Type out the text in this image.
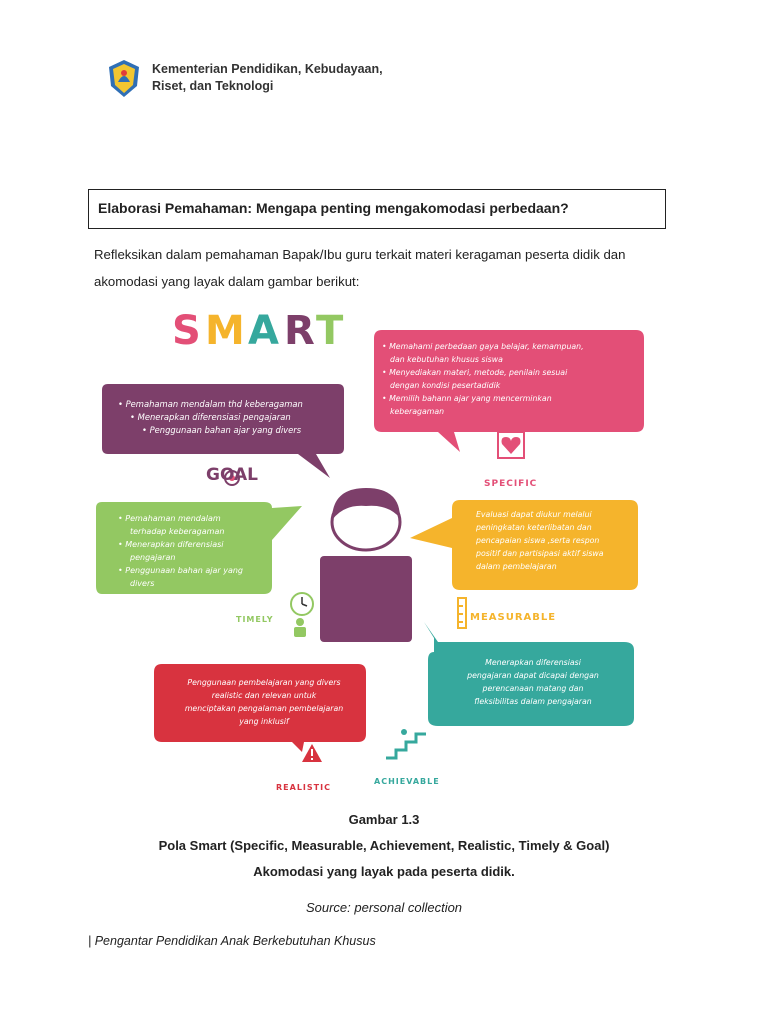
Kementerian Pendidikan, Kebudayaan,
Riset, dan Teknologi
Elaborasi Pemahaman: Mengapa penting mengakomodasi perbedaan?
Refleksikan dalam pemahaman Bapak/Ibu guru terkait materi keragaman peserta didik dan
akomodasi yang layak dalam gambar berikut:
S M A R T
GOAL	SPECIFIC
TIMELY	MEASURABLE
REALISTIC
ACHIEVABLE
• Pemahaman mendalam thd keberagaman
• Menerapkan diferensiasi pengajaran
• Penggunaan bahan ajar yang divers
• Memahami perbedaan gaya belajar, kemampuan,
dan kebutuhan khusus siswa
• Menyediakan materi, metode, penilain sesuai
dengan kondisi pesertadidik
• Memilih bahann ajar yang mencerminkan
keberagaman
• Pemahaman mendalam
terhadap keberagaman
• Menerapkan diferensiasi
pengajaran
• Penggunaan bahan ajar yang
divers
Evaluasi dapat diukur melalui
peningkatan keterlibatan dan
pencapaian siswa ,serta respon
positif dan partisipasi aktif siswa
dalam pembelajaran
Penggunaan pembelajaran yang divers
realistic dan relevan untuk
menciptakan pengalaman pembelajaran
yang inklusif
Menerapkan diferensiasi
pengajaran dapat dicapai dengan
perencanaan matang dan
fleksibilitas dalam pengajaran
Gambar 1.3
Pola Smart (Specific, Measurable, Achievement, Realistic, Timely & Goal)
Akomodasi yang layak pada peserta didik.
Source: personal collection
| Pengantar Pendidikan Anak Berkebutuhan Khusus
